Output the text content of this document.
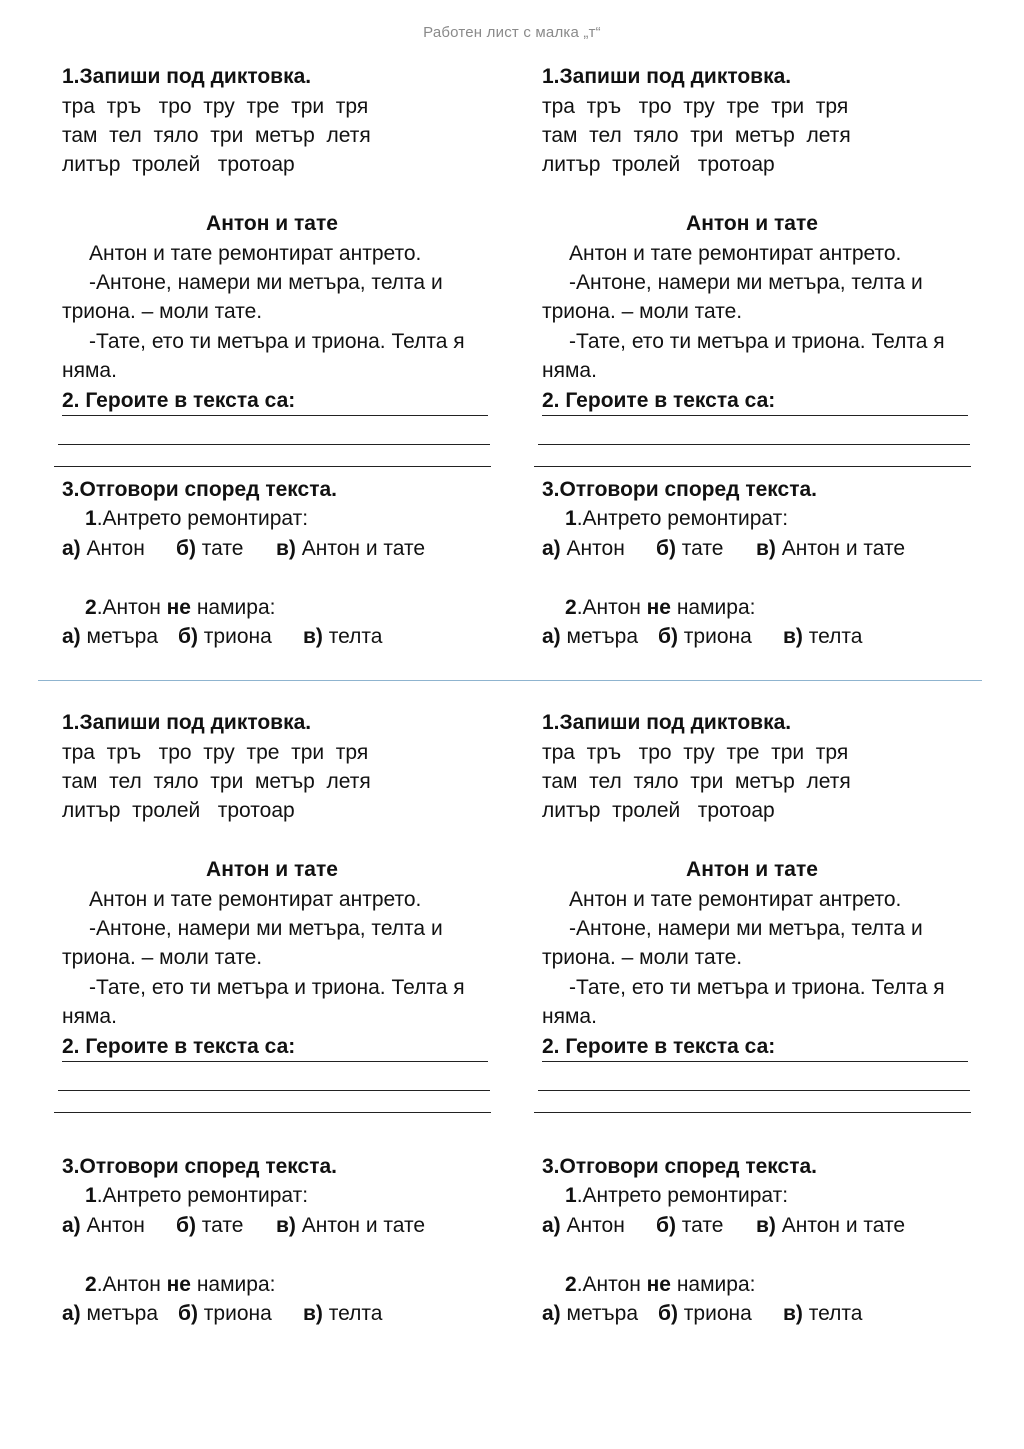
Работен лист с малка „т“
1.Запиши под диктовка.
тра  тръ   тро  тру  тре  три  тря
там  тел  тяло  три  метър  летя
литър  тролей   тротоар
Антон и тате
Антон и тате ремонтират антрето.
-Антоне, намери ми метъра, телта и
триона. – моли тате.
-Тате, ето ти метъра и триона. Телта я
няма.
2. Героите в текста са:
3.Отговори според текста.
1.Антрето ремонтират:
а) Антон б) тате в) Антон и тате
2.Антон не намира:
а) метъра б) триона в) телта
1.Запиши под диктовка.
тра  тръ   тро  тру  тре  три  тря
там  тел  тяло  три  метър  летя
литър  тролей   тротоар
Антон и тате
Антон и тате ремонтират антрето.
-Антоне, намери ми метъра, телта и
триона. – моли тате.
-Тате, ето ти метъра и триона. Телта я
няма.
2. Героите в текста са:
3.Отговори според текста.
1.Антрето ремонтират:
а) Антон б) тате в) Антон и тате
2.Антон не намира:
а) метъра б) триона в) телта
1.Запиши под диктовка.
тра  тръ   тро  тру  тре  три  тря
там  тел  тяло  три  метър  летя
литър  тролей   тротоар
Антон и тате
Антон и тате ремонтират антрето.
-Антоне, намери ми метъра, телта и
триона. – моли тате.
-Тате, ето ти метъра и триона. Телта я
няма.
2. Героите в текста са:
3.Отговори според текста.
1.Антрето ремонтират:
а) Антон б) тате в) Антон и тате
2.Антон не намира:
а) метъра б) триона в) телта
1.Запиши под диктовка.
тра  тръ   тро  тру  тре  три  тря
там  тел  тяло  три  метър  летя
литър  тролей   тротоар
Антон и тате
Антон и тате ремонтират антрето.
-Антоне, намери ми метъра, телта и
триона. – моли тате.
-Тате, ето ти метъра и триона. Телта я
няма.
2. Героите в текста са:
3.Отговори според текста.
1.Антрето ремонтират:
а) Антон б) тате в) Антон и тате
2.Антон не намира:
а) метъра б) триона в) телта
